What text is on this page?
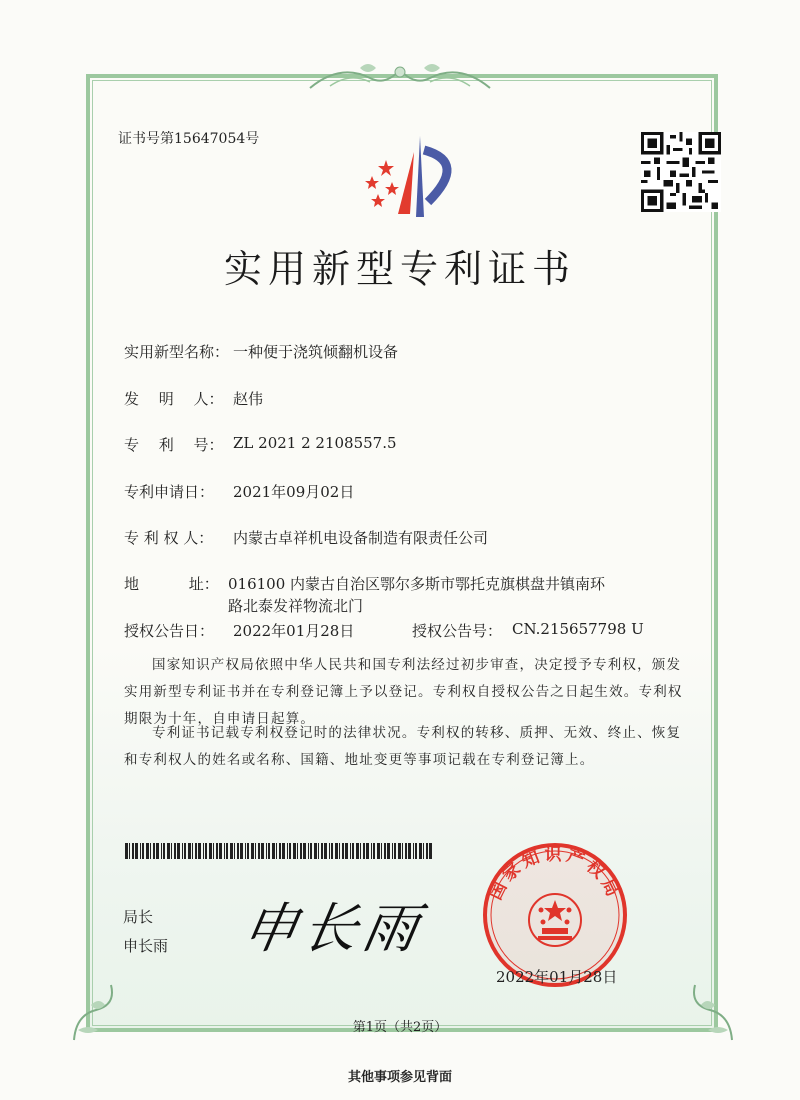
证书号第15647054号
实用新型专利证书
实用新型名称： 一种便于浇筑倾翻机设备
发　 明　 人： 赵伟
专　 利　 号： ZL 2021 2 2108557.5
专利申请日： 2021年09月02日
专 利 权 人： 内蒙古卓祥机电设备制造有限责任公司
地　　　 址： 016100 内蒙古自治区鄂尔多斯市鄂托克旗棋盘井镇南环
路北泰发祥物流北门
授权公告日： 2022年01月28日	授权公告号： CN.215657798 U
国家知识产权局依照中华人民共和国专利法经过初步审查，决定授予专利权，颁发实用新型专利证书并在专利登记簿上予以登记。专利权自授权公告之日起生效。专利权期限为十年，自申请日起算。
专利证书记载专利权登记时的法律状况。专利权的转移、质押、无效、终止、恢复和专利权人的姓名或名称、国籍、地址变更等事项记载在专利登记簿上。
局长
申长雨 申长雨
国家知识产权局
2022年01月28日
第1页（共2页）
其他事项参见背面
